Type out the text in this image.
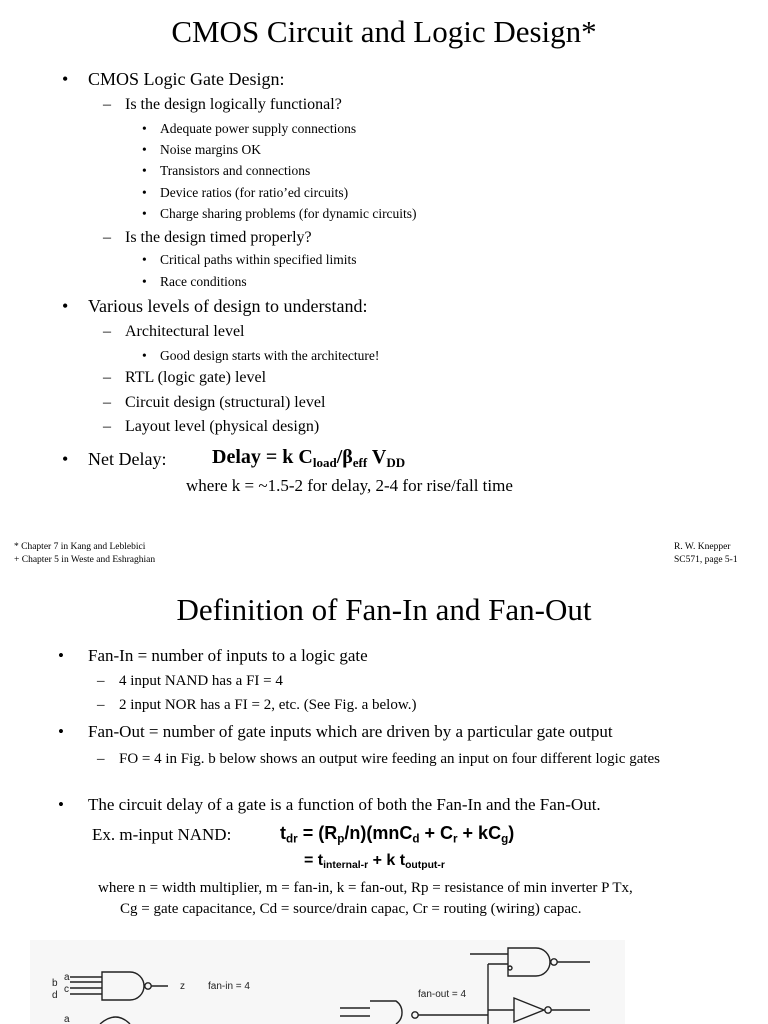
CMOS Circuit and Logic Design*
• CMOS Logic Gate Design:
– Is the design logically functional?
• Adequate power supply connections
• Noise margins OK
• Transistors and connections
• Device ratios (for ratio’ed circuits)
• Charge sharing problems (for dynamic circuits)
– Is the design timed properly?
• Critical paths within specified limits
• Race conditions
• Various levels of design to understand:
– Architectural level
• Good design starts with the architecture!
– RTL (logic gate) level
– Circuit design (structural) level
– Layout level (physical design)
• Net Delay: Delay = k $C_{load}/\beta_{eff}$ $V_{DD}$
where k = ~1.5-2 for delay, 2-4 for rise/fall time
* Chapter 7 in Kang and Leblebici
+ Chapter 5 in Weste and Eshraghian
R. W. Knepper
SC571, page 5-1
Definition of Fan-In and Fan-Out
• Fan-In = number of inputs to a logic gate
– 4 input NAND has a FI = 4
– 2 input NOR has a FI = 2, etc. (See Fig. a below.)
• Fan-Out = number of gate inputs which are driven by a particular gate output
– FO = 4 in Fig. b below shows an output wire feeding an input on four different logic gates
• The circuit delay of a gate is a function of both the Fan-In and the Fan-Out.
Ex. m-input NAND:	$t_{dr} = (R_p/n)(mnC_d + C_r + kC_g)$
= $t_{internal-r} + k$ $t_{output-r}$
where n = width multiplier, m = fan-in, k = fan-out, Rp = resistance of min inverter P Tx,
Cg = gate capacitance, Cd = source/drain capac, Cr = routing (wiring) capac.
a
b
c
d
z fan-in = 4
a
fan-out = 4
